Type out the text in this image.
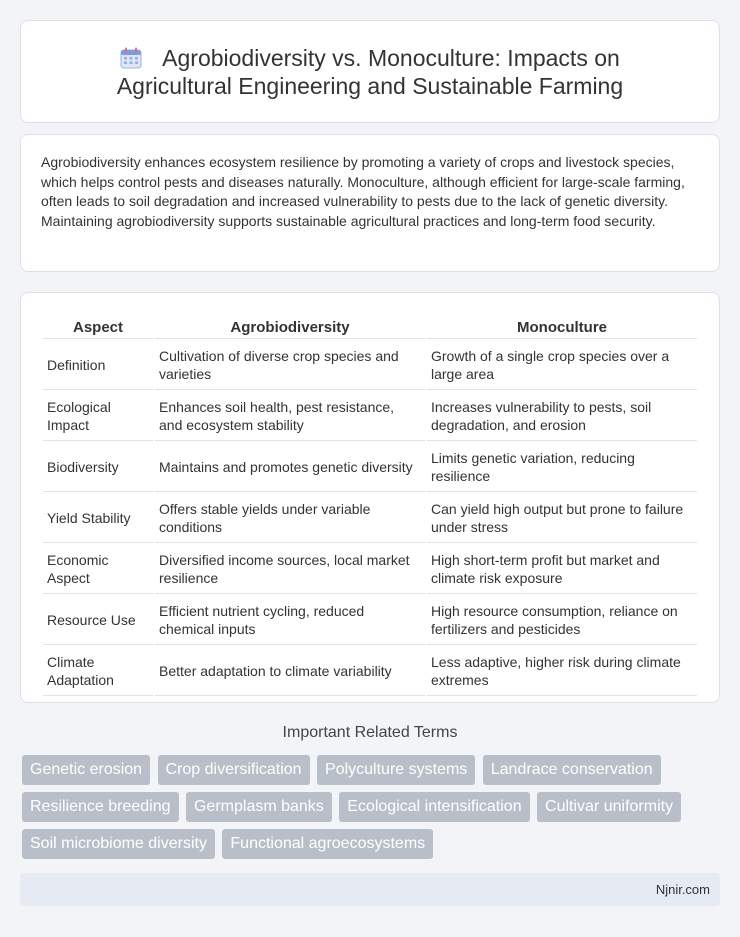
Agrobiodiversity vs. Monoculture: Impacts on
Agricultural Engineering and Sustainable Farming

Agrobiodiversity enhances ecosystem resilience by promoting a variety of crops and livestock species, which helps control pests and diseases naturally. Monoculture, although efficient for large-scale farming, often leads to soil degradation and increased vulnerability to pests due to the lack of genetic diversity. Maintaining agrobiodiversity supports sustainable agricultural practices and long-term food security.

Aspect	Agrobiodiversity	Monoculture
Definition	Cultivation of diverse crop species and varieties	Growth of a single crop species over a large area
Ecological Impact	Enhances soil health, pest resistance, and ecosystem stability	Increases vulnerability to pests, soil degradation, and erosion
Biodiversity	Maintains and promotes genetic diversity	Limits genetic variation, reducing resilience
Yield Stability	Offers stable yields under variable conditions	Can yield high output but prone to failure under stress
Economic Aspect	Diversified income sources, local market resilience	High short-term profit but market and climate risk exposure
Resource Use	Efficient nutrient cycling, reduced chemical inputs	High resource consumption, reliance on fertilizers and pesticides
Climate Adaptation	Better adaptation to climate variability	Less adaptive, higher risk during climate extremes
Important Related Terms
Genetic erosion Crop diversification Polyculture systems Landrace conservation Resilience breeding Germplasm banks Ecological intensification Cultivar uniformity Soil microbiome diversity Functional agroecosystems
Njnir.com
